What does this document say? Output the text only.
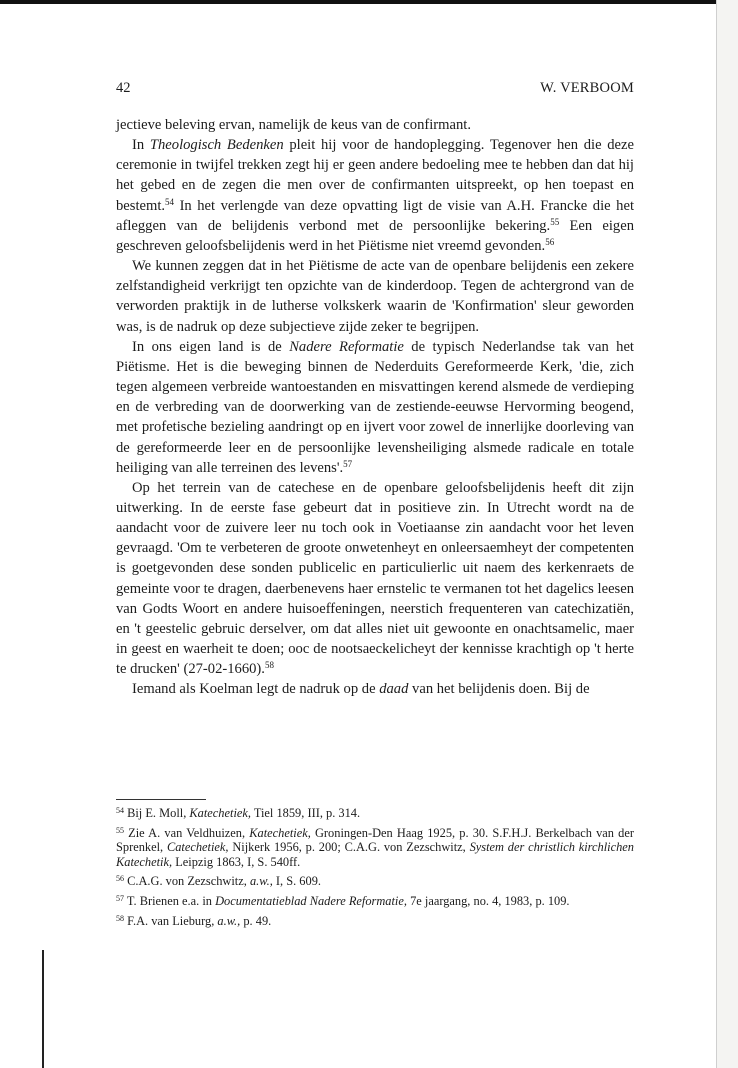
42	W. VERBOOM

jectieve beleving ervan, namelijk de keus van de confirmant.

In Theologisch Bedenken pleit hij voor de handoplegging. Tegenover hen die deze ceremonie in twijfel trekken zegt hij er geen andere bedoeling mee te hebben dan dat hij het gebed en de zegen die men over de confirmanten uitspreekt, op hen toepast en bestemt.$^{54}$ In het verlengde van deze opvatting ligt de visie van A.H. Francke die het afleggen van de belijdenis verbond met de persoonlijke bekering.$^{55}$ Een eigen geschreven geloofsbelijdenis werd in het Piëtisme niet vreemd gevonden.$^{56}$

We kunnen zeggen dat in het Piëtisme de acte van de openbare belijdenis een zekere zelfstandigheid verkrijgt ten opzichte van de kinderdoop. Tegen de achtergrond van de verworden praktijk in de lutherse volkskerk waarin de 'Konfirmation' sleur geworden was, is de nadruk op deze subjectieve zijde zeker te begrijpen.

In ons eigen land is de Nadere Reformatie de typisch Nederlandse tak van het Piëtisme. Het is die beweging binnen de Nederduits Gereformeerde Kerk, 'die, zich tegen algemeen verbreide wantoestanden en misvattingen kerend alsmede de verdieping en de verbreding van de doorwerking van de zestiende-eeuwse Hervorming beogend, met profetische bezieling aandringt op en ijvert voor zowel de innerlijke doorleving van de gereformeerde leer en de persoonlijke levensheiliging alsmede radicale en totale heiliging van alle terreinen des levens'.$^{57}$

Op het terrein van de catechese en de openbare geloofsbelijdenis heeft dit zijn uitwerking. In de eerste fase gebeurt dat in positieve zin. In Utrecht wordt na de aandacht voor de zuivere leer nu toch ook in Voetiaanse zin aandacht voor het leven gevraagd. 'Om te verbeteren de groote onwetenheyt en onleersaemheyt der competenten is goetgevonden dese sonden publicelic en particulierlic uit naem des kerkenraets de gemeinte voor te dragen, daerbenevens haer ernstelic te vermanen tot het dagelics leesen van Godts Woort en andere huisoeffeningen, neerstich frequenteren van catechizatiën, en 't geestelic gebruic derselver, om dat alles niet uit gewoonte en onachtsamelic, maer in geest en waerheit te doen; ooc de nootsaeckelicheyt der kennisse krachtigh op 't herte te drucken' (27-02-1660).$^{58}$

Iemand als Koelman legt de nadruk op de daad van het belijdenis doen. Bij de

$^{54}$ Bij E. Moll, Katechetiek, Tiel 1859, III, p. 314.
$^{55}$ Zie A. van Veldhuizen, Katechetiek, Groningen-Den Haag 1925, p. 30. S.F.H.J. Berkelbach van der Sprenkel, Catechetiek, Nijkerk 1956, p. 200; C.A.G. von Zezschwitz, System der christlich kirchlichen Katechetik, Leipzig 1863, I, S. 540ff.
$^{56}$ C.A.G. von Zezschwitz, a.w., I, S. 609.
$^{57}$ T. Brienen e.a. in Documentatieblad Nadere Reformatie, 7e jaargang, no. 4, 1983, p. 109.
$^{58}$ F.A. van Lieburg, a.w., p. 49.
